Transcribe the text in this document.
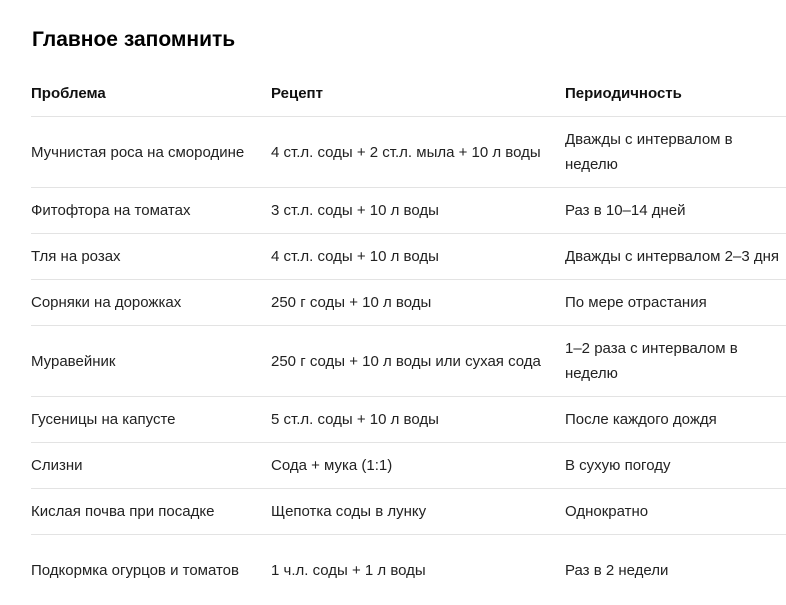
Главное запомнить
Проблема	Рецепт	Периодичность

Мучнистая роса на смородине	4 ст.л. соды + 2 ст.л. мыла + 10 л воды	Дважды с интервалом в неделю

Фитофтора на томатах	3 ст.л. соды + 10 л воды	Раз в 10–14 дней

Тля на розах	4 ст.л. соды + 10 л воды	Дважды с интервалом 2–3 дня

Сорняки на дорожках	250 г соды + 10 л воды	По мере отрастания

Муравейник	250 г соды + 10 л воды или сухая сода	1–2 раза с интервалом в неделю

Гусеницы на капусте	5 ст.л. соды + 10 л воды	После каждого дождя

Слизни	Сода + мука (1:1)	В сухую погоду

Кислая почва при посадке	Щепотка соды в лунку	Однократно

Подкормка огурцов и томатов	1 ч.л. соды + 1 л воды	Раз в 2 недели
